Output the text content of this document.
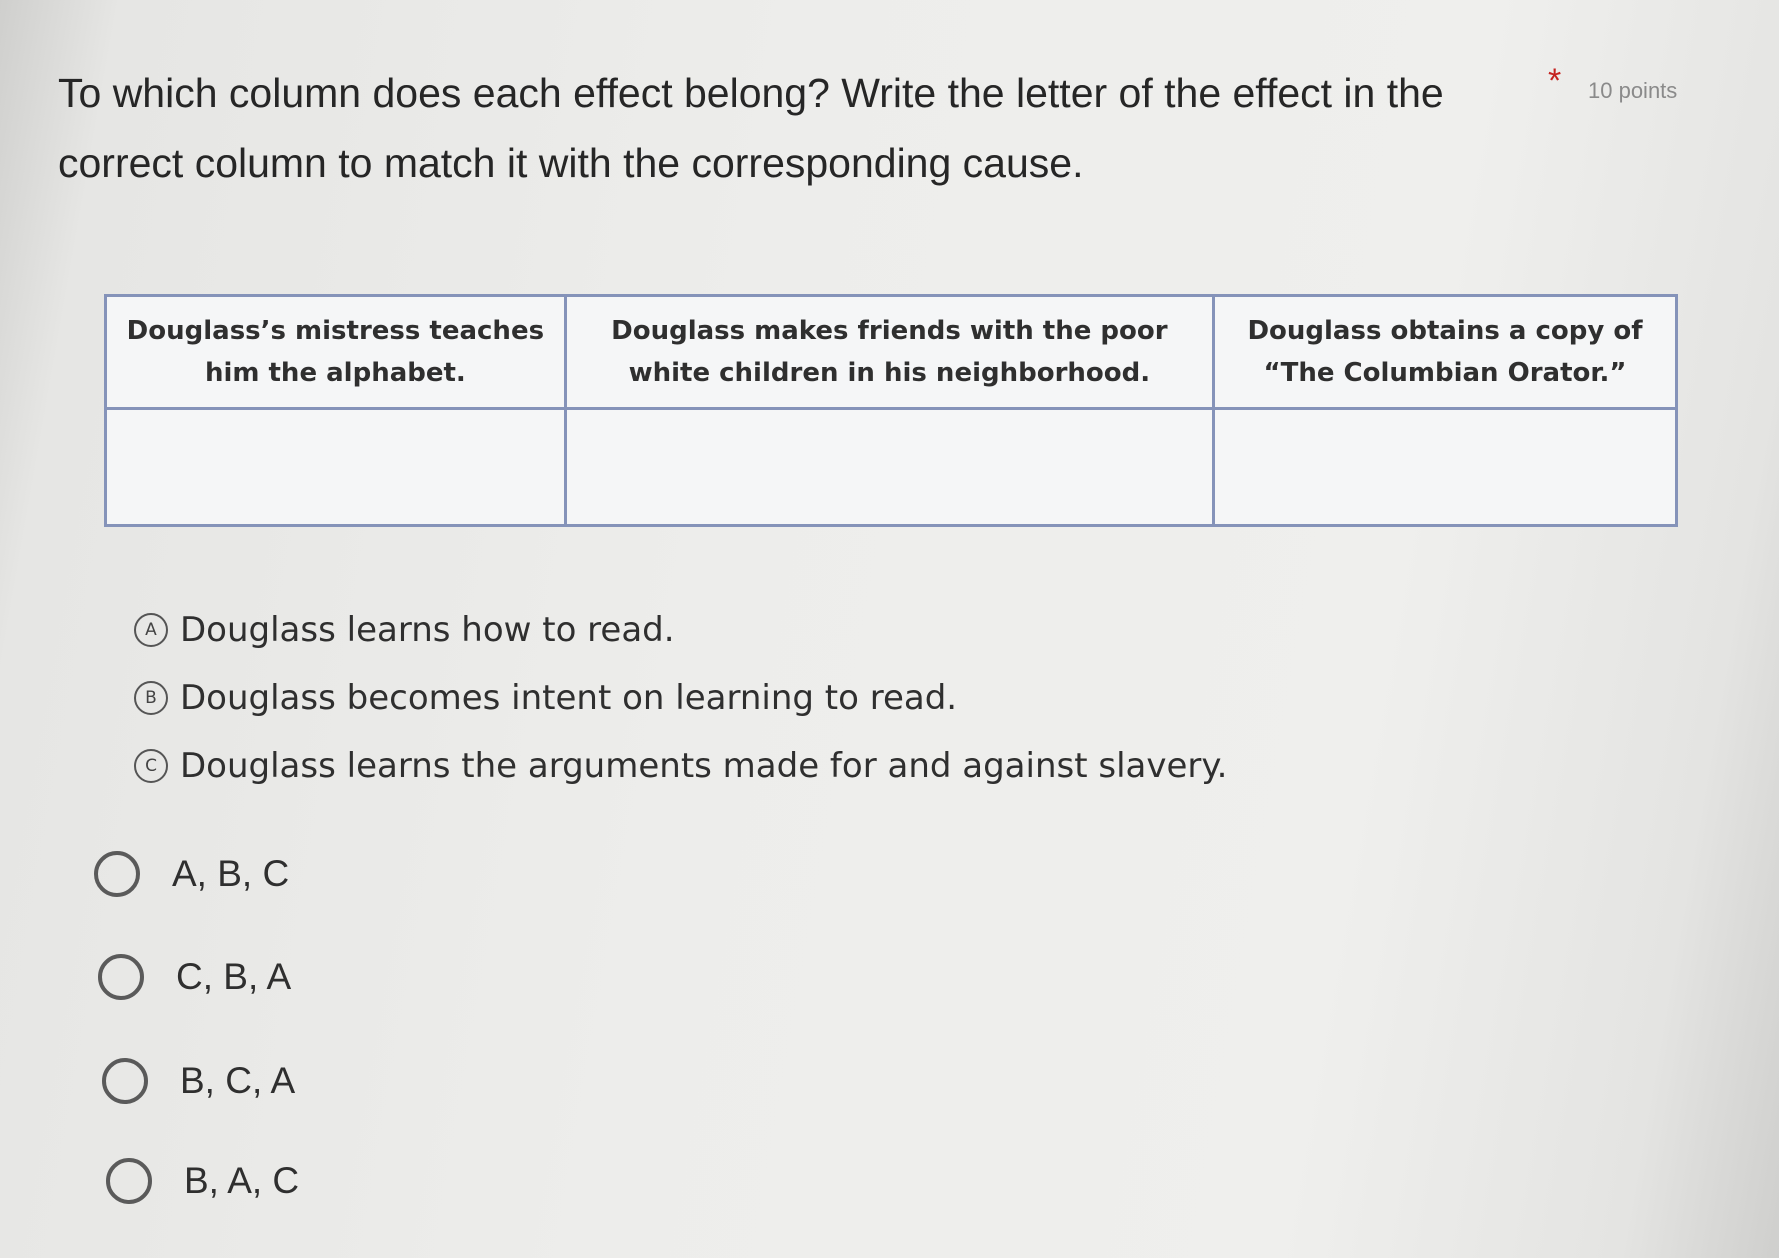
To which column does each effect belong? Write the letter of the effect in the correct column to match it with the corresponding cause.
* 10 points
Douglass’s mistress teaches him the alphabet.	Douglass makes friends with the poor white children in his neighborhood.	Douglass obtains a copy of “The Columbian Orator.”

A Douglass learns how to read.
B Douglass becomes intent on learning to read.
C Douglass learns the arguments made for and against slavery.
A, B, C
C, B, A
B, C, A
B, A, C
